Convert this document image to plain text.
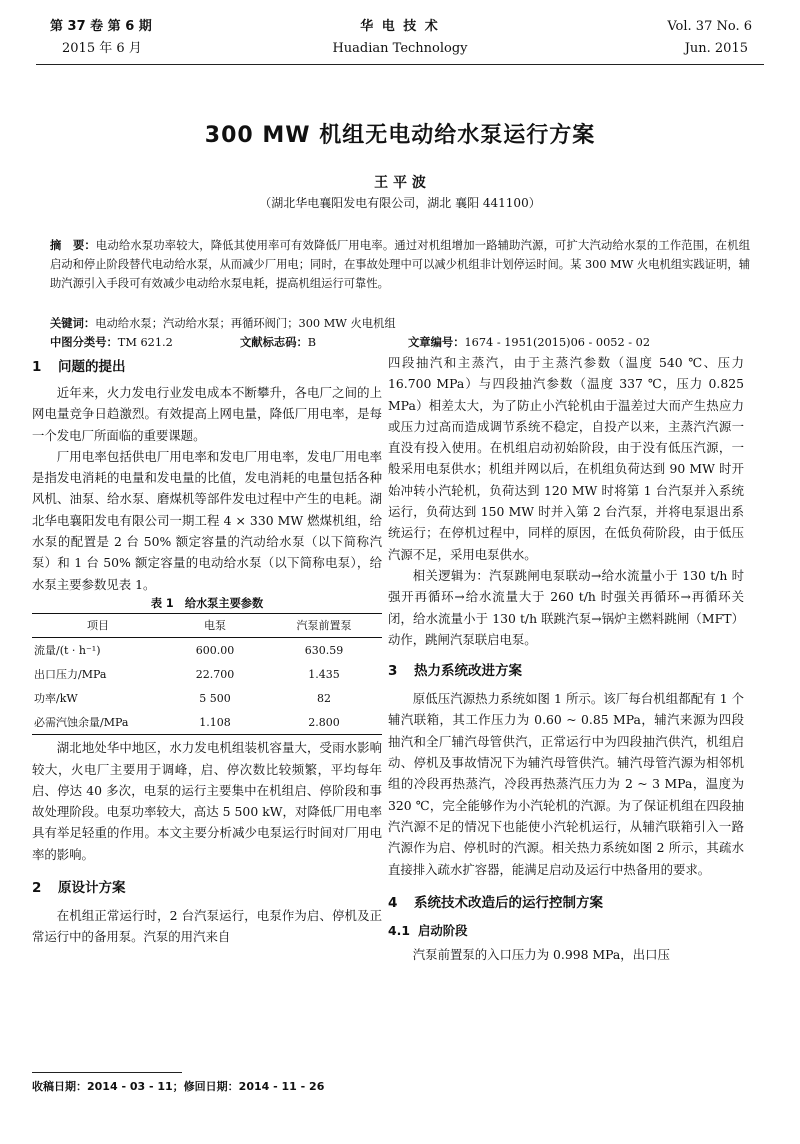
第 37 卷 第 6 期
2015 年 6 月
华 电 技 术
Huadian Technology
Vol. 37 No. 6
Jun. 2015
300 MW 机组无电动给水泵运行方案
王 平 波
（湖北华电襄阳发电有限公司，湖北 襄阳 441100）
摘　要：电动给水泵功率较大，降低其使用率可有效降低厂用电率。通过对机组增加一路辅助汽源，可扩大汽动给水泵的工作范围，在机组启动和停止阶段替代电动给水泵，从而减少厂用电；同时，在事故处理中可以减少机组非计划停运时间。某 300 MW 火电机组实践证明，辅助汽源引入手段可有效减少电动给水泵电耗，提高机组运行可靠性。
关键词：电动给水泵；汽动给水泵；再循环阀门；300 MW 火电机组
中图分类号：TM 621.2	文献标志码：B	文章编号：1674 - 1951(2015)06 - 0052 - 02

1 问题的提出

近年来，火力发电行业发电成本不断攀升，各电厂之间的上网电量竞争日趋激烈。有效提高上网电量，降低厂用电率，是每一个发电厂所面临的重要课题。

厂用电率包括供电厂用电率和发电厂用电率，发电厂用电率是指发电消耗的电量和发电量的比值，发电消耗的电量包括各种风机、油泵、给水泵、磨煤机等部件发电过程中产生的电耗。湖北华电襄阳发电有限公司一期工程 4 × 330 MW 燃煤机组，给水泵的配置是 2 台 50% 额定容量的汽动给水泵（以下简称汽泵）和 1 台 50% 额定容量的电动给水泵（以下简称电泵），给水泵主要参数见表 1。

表 1　给水泵主要参数

项目	电泵	汽泵前置泵
流量/(t · h⁻¹)	600.00	630.59
出口压力/MPa	22.700	1.435
功率/kW	5 500	82
必需汽蚀余量/MPa	1.108	2.800

湖北地处华中地区，水力发电机组装机容量大，受雨水影响较大，火电厂主要用于调峰，启、停次数比较频繁，平均每年启、停达 40 多次，电泵的运行主要集中在机组启、停阶段和事故处理阶段。电泵功率较大，高达 5 500 kW，对降低厂用电率具有举足轻重的作用。本文主要分析减少电泵运行时间对厂用电率的影响。

2 原设计方案

在机组正常运行时，2 台汽泵运行，电泵作为启、停机及正常运行中的备用泵。汽泵的用汽来自

四段抽汽和主蒸汽，由于主蒸汽参数（温度 540 ℃、压力 16.700 MPa）与四段抽汽参数（温度 337 ℃，压力 0.825 MPa）相差太大，为了防止小汽轮机由于温差过大而产生热应力或压力过高而造成调节系统不稳定，自投产以来，主蒸汽汽源一直没有投入使用。在机组启动初始阶段，由于没有低压汽源，一般采用电泵供水；机组并网以后，在机组负荷达到 90 MW 时开始冲转小汽轮机，负荷达到 120 MW 时将第 1 台汽泵并入系统运行，负荷达到 150 MW 时并入第 2 台汽泵，并将电泵退出系统运行；在停机过程中，同样的原因，在低负荷阶段，由于低压汽源不足，采用电泵供水。

相关逻辑为：汽泵跳闸电泵联动→给水流量小于 130 t/h 时强开再循环→给水流量大于 260 t/h 时强关再循环→再循环关闭，给水流量小于 130 t/h 联跳汽泵→锅炉主燃料跳闸（MFT）动作，跳闸汽泵联启电泵。

3 热力系统改进方案

原低压汽源热力系统如图 1 所示。该厂每台机组都配有 1 个辅汽联箱，其工作压力为 0.60 ~ 0.85 MPa，辅汽来源为四段抽汽和全厂辅汽母管供汽，正常运行中为四段抽汽供汽，机组启动、停机及事故情况下为辅汽母管供汽。辅汽母管汽源为相邻机组的冷段再热蒸汽，冷段再热蒸汽压力为 2 ~ 3 MPa，温度为 320 ℃，完全能够作为小汽轮机的汽源。为了保证机组在四段抽汽汽源不足的情况下也能使小汽轮机运行，从辅汽联箱引入一路汽源作为启、停机时的汽源。相关热力系统如图 2 所示，其疏水直接排入疏水扩容器，能满足启动及运行中热备用的要求。

4 系统技术改造后的运行控制方案

4.1 启动阶段

汽泵前置泵的入口压力为 0.998 MPa，出口压

收稿日期：2014 - 03 - 11；修回日期：2014 - 11 - 26
